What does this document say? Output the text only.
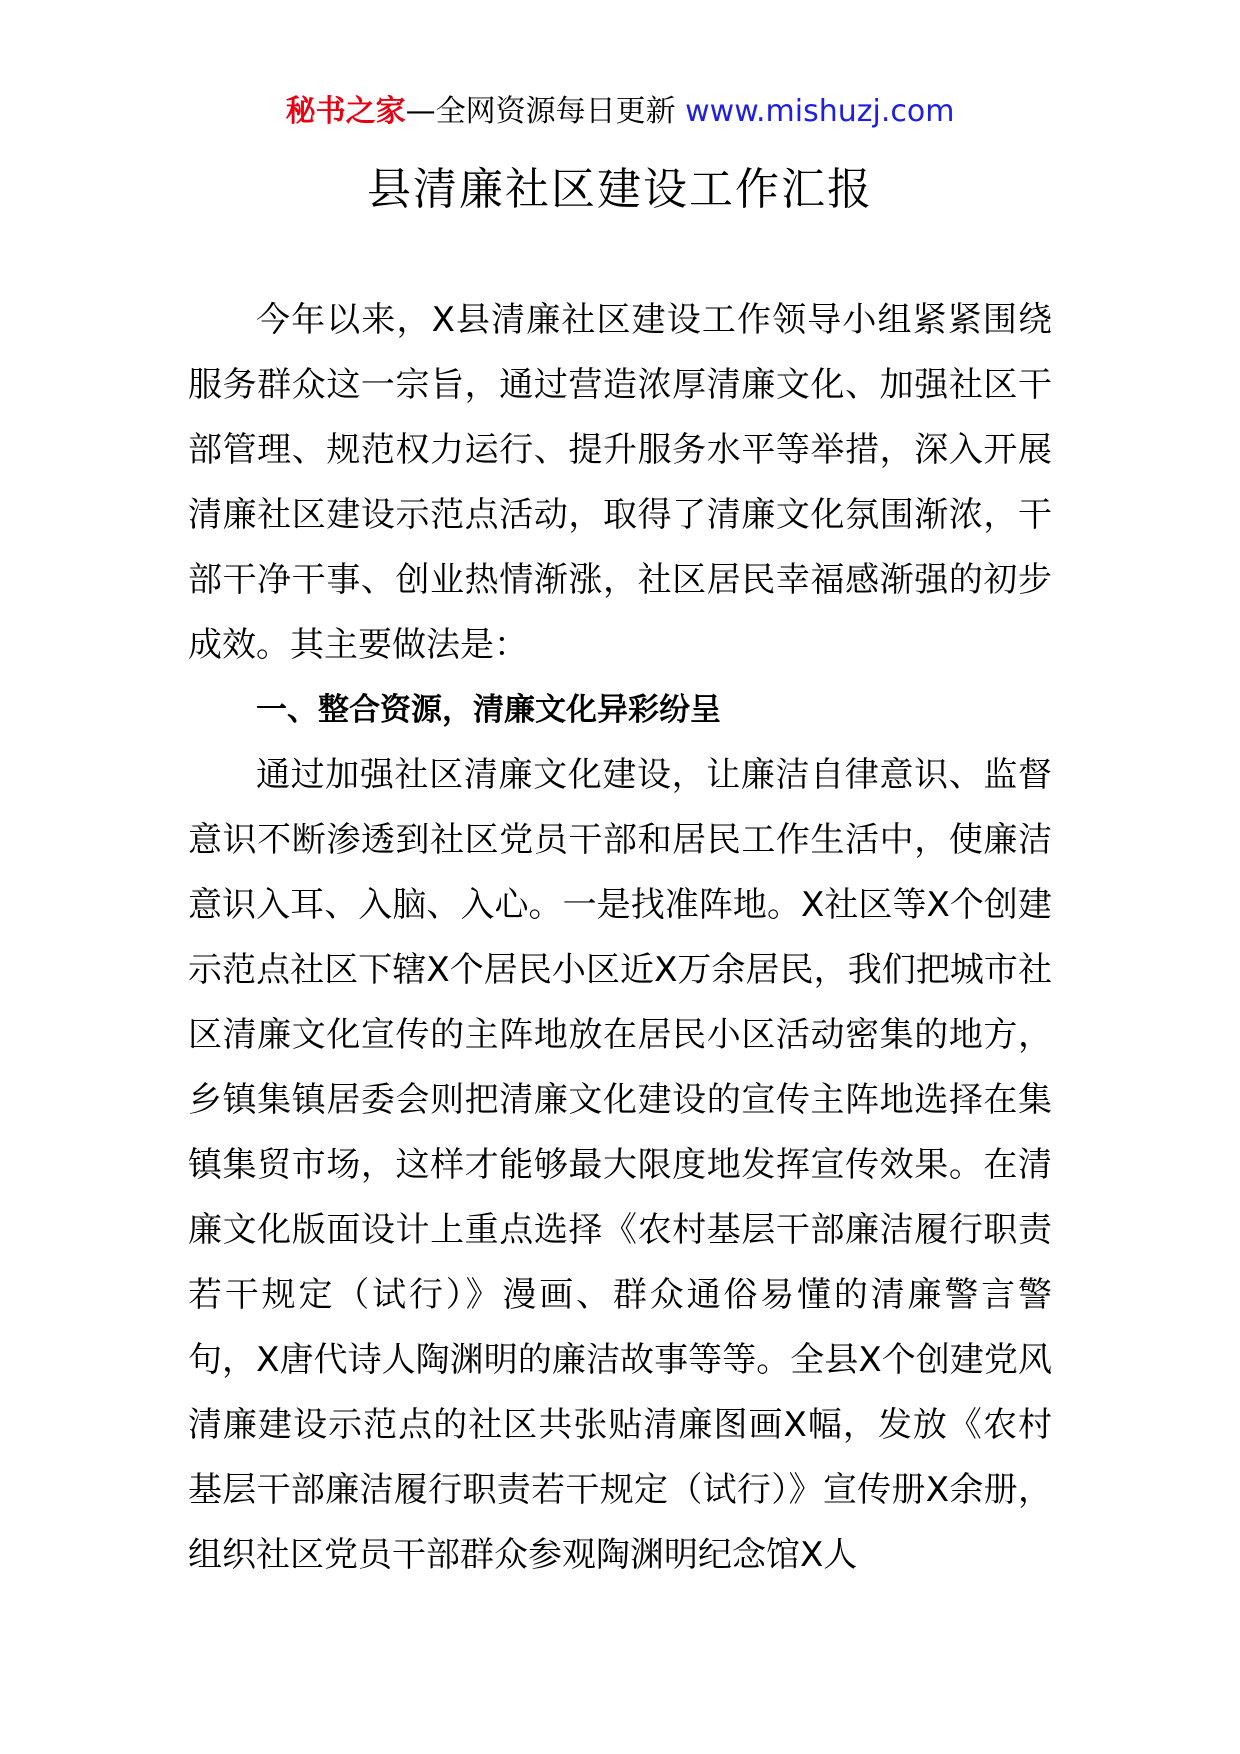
秘书之家—全网资源每日更新 www.mishuzj.com
县清廉社区建设工作汇报

今年以来，X县清廉社区建设工作领导小组紧紧围绕服务群众这一宗旨，通过营造浓厚清廉文化、加强社区干部管理、规范权力运行、提升服务水平等举措，深入开展清廉社区建设示范点活动，取得了清廉文化氛围渐浓，干部干净干事、创业热情渐涨，社区居民幸福感渐强的初步成效。其主要做法是：

一、整合资源，清廉文化异彩纷呈

通过加强社区清廉文化建设，让廉洁自律意识、监督意识不断渗透到社区党员干部和居民工作生活中，使廉洁意识入耳、入脑、入心。一是找准阵地。X社区等X个创建示范点社区下辖X个居民小区近X万余居民，我们把城市社区清廉文化宣传的主阵地放在居民小区活动密集的地方，乡镇集镇居委会则把清廉文化建设的宣传主阵地选择在集镇集贸市场，这样才能够最大限度地发挥宣传效果。在清廉文化版面设计上重点选择《农村基层干部廉洁履行职责若干规定（试行）》漫画、群众通俗易懂的清廉警言警句，X唐代诗人陶渊明的廉洁故事等等。全县X个创建党风清廉建设示范点的社区共张贴清廉图画X幅，发放《农村基层干部廉洁履行职责若干规定（试行）》宣传册X余册，组织社区党员干部群众参观陶渊明纪念馆X人
